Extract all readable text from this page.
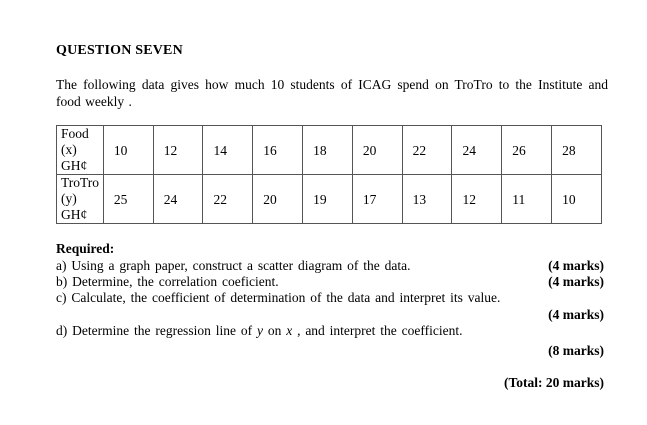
QUESTION SEVEN
The following data gives how much 10 students of ICAG spend on TroTro to the Institute and food weekly .
Food
(x)
GH¢	10	12	14	16	18	20	22	24	26	28

TroTro
(y)
GH¢	25	24	22	20	19	17	13	12	11	10
Required:
a) Using a graph paper, construct a scatter diagram of the data.	(4 marks)
b) Determine, the correlation coeficient.	(4 marks)
c) Calculate, the coefficient of determination of the data and interpret its value.
(4 marks)
d) Determine the regression line of y on x , and interpret the coefficient.
(8 marks)
(Total: 20 marks)
